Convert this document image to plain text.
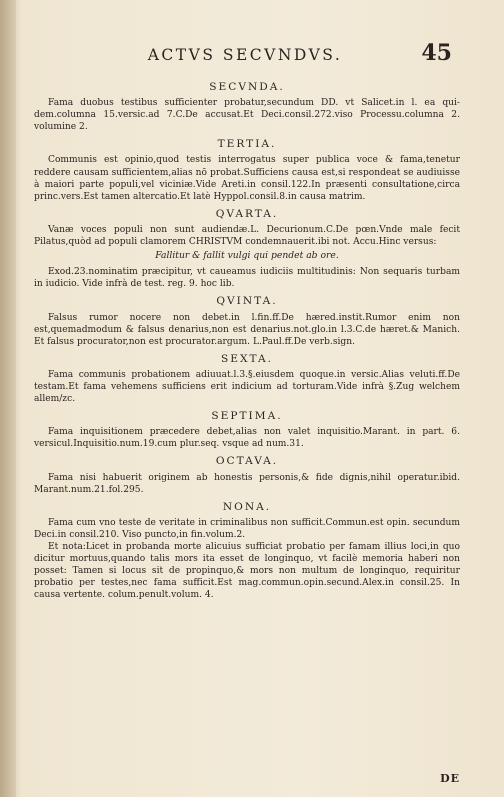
ACTVS SECVNDVS.	45
SECVNDA.

Fama duobus testibus sufficienter probatur,secundum DD. vt Salicet.in l. ea qui-dem.columna 15.versic.ad 7.C.De accusat.Et Deci.consil.272.viso Processu.columna 2. volumine 2.

TERTIA.

Communis est opinio,quod testis interrogatus super publica voce & fama,tenetur reddere causam sufficientem,alias nō probat.Sufficiens causa est,si respondeat se audiuisse à maiori parte populi,vel viciniæ.Vide Areti.in consil.122.In præsenti consultatione,circa princ.vers.Est tamen altercatio.Et latè Hyppol.consil.8.in causa matrim.

QVARTA.

Vanæ voces populi non sunt audiendæ.L. Decurionum.C.De pœn.Vnde male fecit Pilatus,quòd ad populi clamorem CHRISTVM condemnauerit.ibi not. Accu.Hinc versus:

Fallitur & fallit vulgi qui pendet ab ore.

Exod.23.nominatim præcipitur, vt caueamus iudiciis multitudinis: Non sequaris turbam in iudicio. Vide infrà de test. reg. 9. hoc lib.

QVINTA.

Falsus rumor nocere non debet.in l.fin.ff.De hæred.instit.Rumor enim non est,quemadmodum & falsus denarius,non est denarius.not.glo.in l.3.C.de hæret.& Manich. Et falsus procurator,non est procurator.argum. L.Paul.ff.De verb.sign.

SEXTA.

Fama communis probationem adiuuat.l.3.§.eiusdem quoque.in versic.Alias veluti.ff.De testam.Et fama vehemens sufficiens erit indicium ad torturam.Vide infrà §.Zug welchem allem/zc.

SEPTIMA.

Fama inquisitionem præcedere debet,alias non valet inquisitio.Marant. in part. 6. versicul.Inquisitio.num.19.cum plur.seq. vsque ad num.31.

OCTAVA.

Fama nisi habuerit originem ab honestis personis,& fide dignis,nihil operatur.ibid. Marant.num.21.fol.295.

NONA.

Fama cum vno teste de veritate in criminalibus non sufficit.Commun.est opin. secundum Deci.in consil.210. Viso puncto,in fin.volum.2.

Et nota:Licet in probanda morte alicuius sufficiat probatio per famam illius loci,in quo dicitur mortuus,quando talis mors ita esset de longinquo, vt facilè memoria haberi non posset: Tamen si locus sit de propinquo,& mors non multum de longinquo, requiritur probatio per testes,nec fama sufficit.Est mag.commun.opin.secund.Alex.in consil.25. In causa vertente. colum.penult.volum. 4.

DE
